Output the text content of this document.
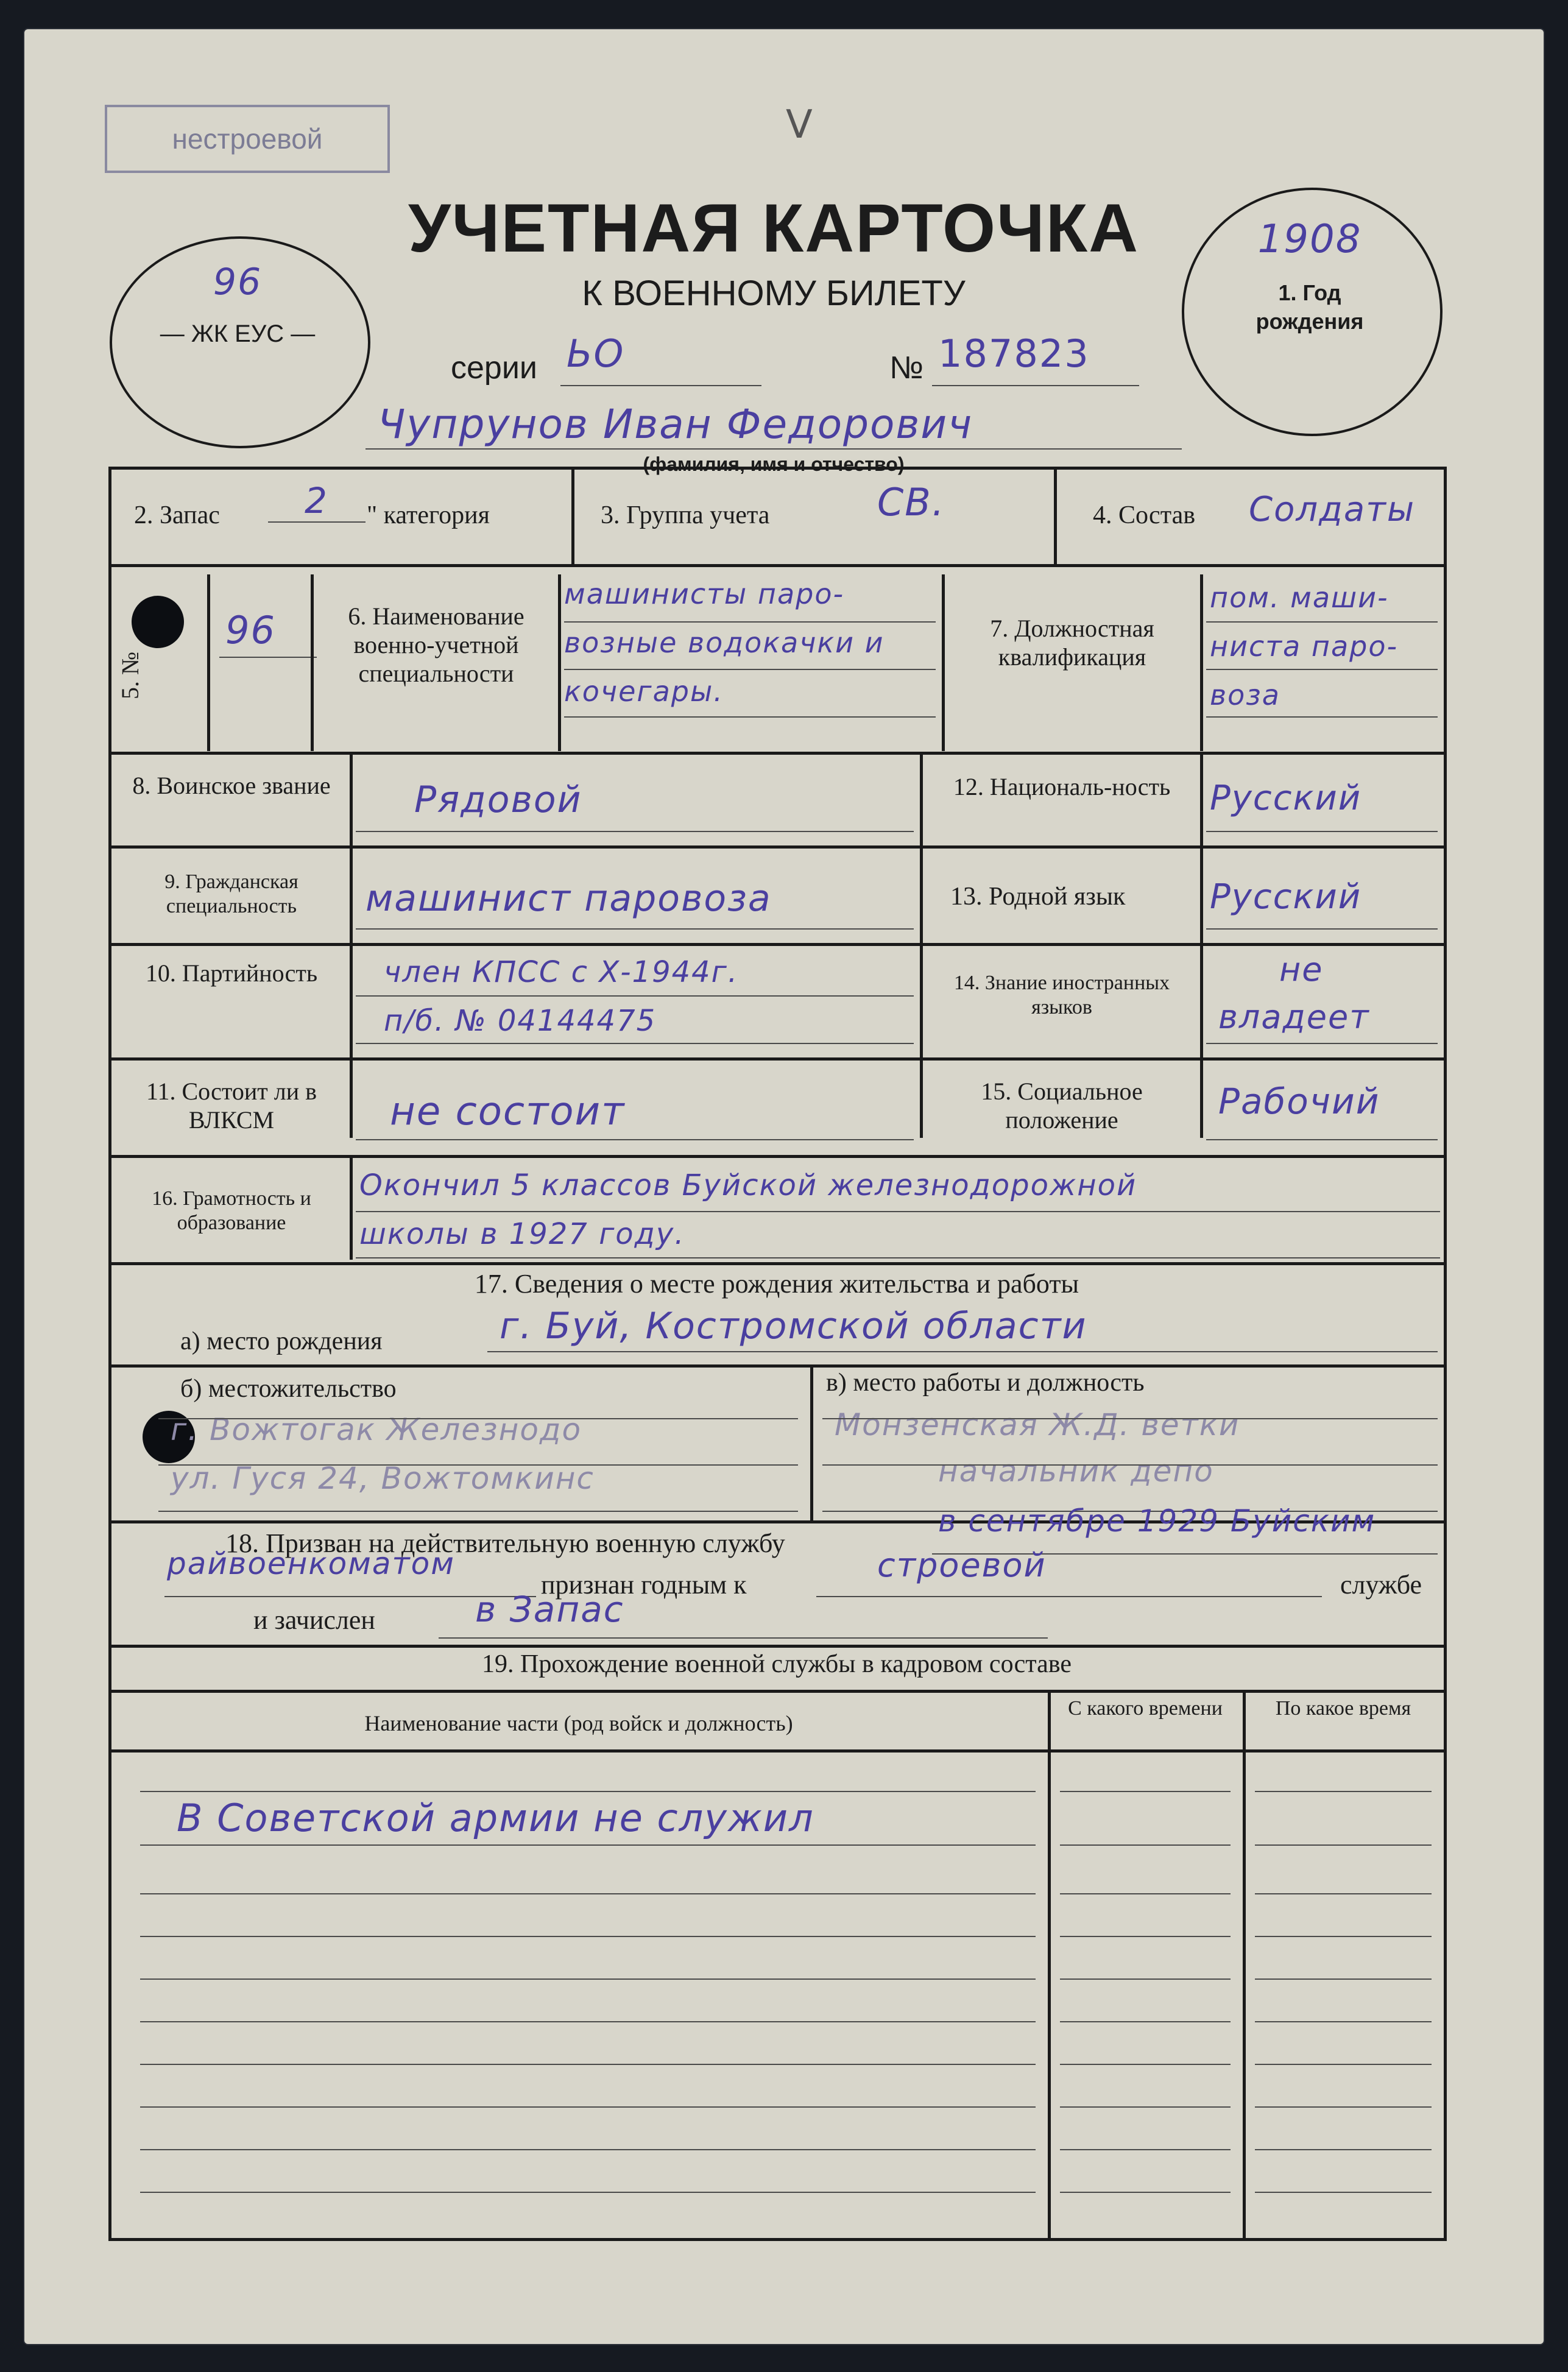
нестроевой	V
96
— ЖК ЕУС —
1908
1. Год рождения
УЧЕТНАЯ КАРТОЧКА
К ВОЕННОМУ БИЛЕТУ
серии ЬО	№ 187823
Чупрунов Иван Федорович
(фамилия, имя и отчество)
2. Запас 2 " категория	3. Группа учета	СВ.	4. Состав Солдаты
5. №
96	6. Наименование военно-учетной специальности
машинисты паро-
возные водокачки и
кочегары.
7. Должностная квалификация
пом. маши-
ниста паро-
воза
8. Воинское звание	Рядовой	12. Националь-ность	Русский
9. Гражданская специальность	машинист паровоза	13. Родной язык Русский
10. Партийность	член КПСС с Х-1944г.
п/б. № 04144475
14. Знание иностранных языков
не
владеет
11. Состоит ли в ВЛКСМ	не состоит	15. Социальное положение	Рабочий
16. Грамотность и образование
Окончил 5 классов Буйской железнодорожной
школы в 1927 году.
17. Сведения о месте рождения жительства и работы
а) место рождения	г. Буй, Костромской области
б) местожительство
г. Вожтогак Железнодо
ул. Гуся 24, Вожтомкинс
в) место работы и должность
Монзенская Ж.Д. ветки
начальник депо
18. Призван на действительную военную службу
в сентябре 1929 Буйским
райвоенкоматом
признан годным к
строевой
службе
и зачислен	в Запас
19. Прохождение военной службы в кадровом составе
Наименование части (род войск и должность)
С какого времени	По какое время
В Советской армии не служил
